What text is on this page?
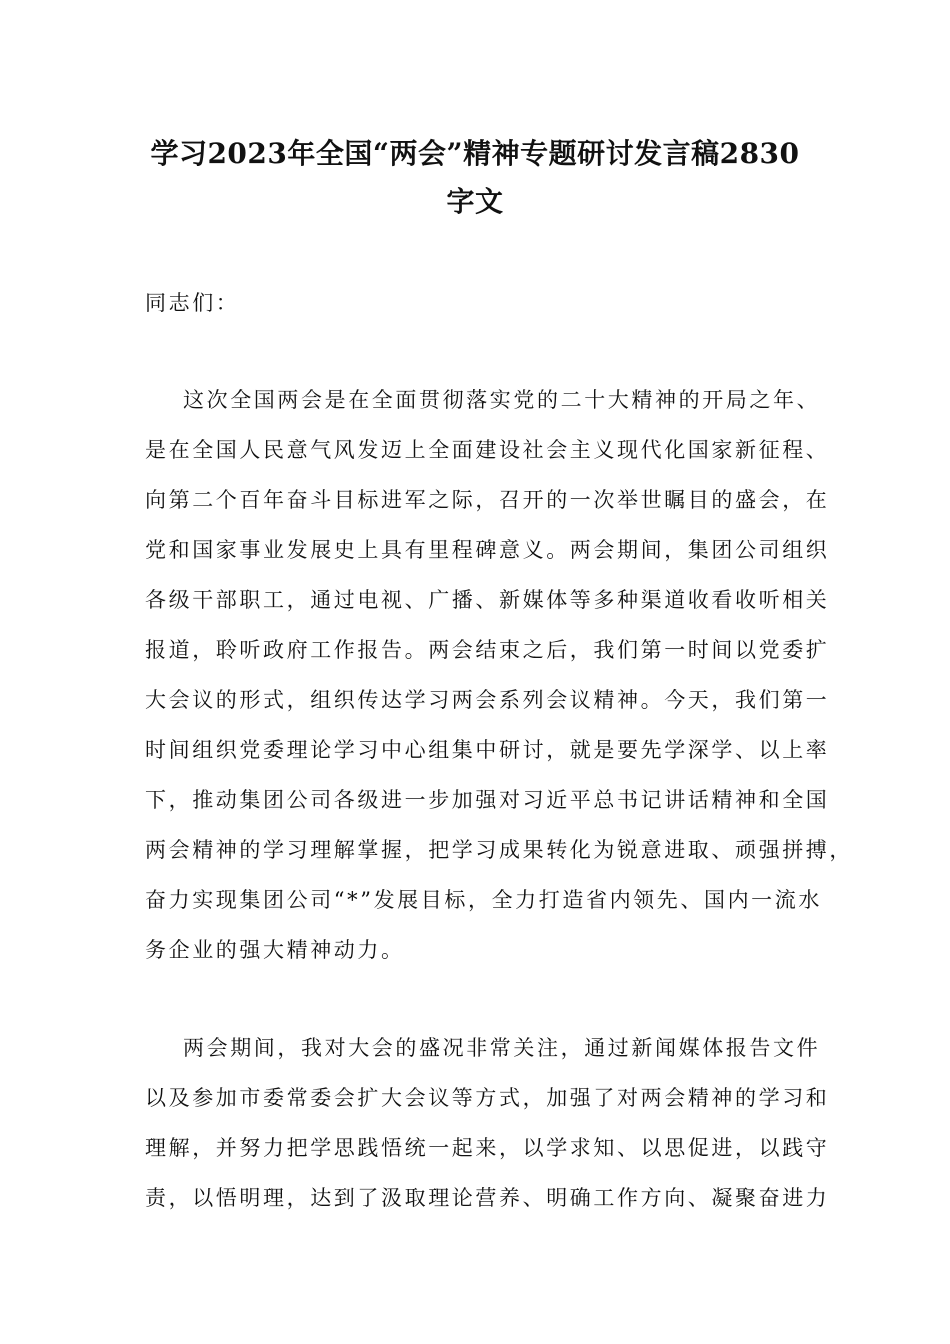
学习2023年全国“两会”精神专题研讨发言稿2830
字文
同志们：
这次全国两会是在全面贯彻落实党的二十大精神的开局之年、
是在全国人民意气风发迈上全面建设社会主义现代化国家新征程、
向第二个百年奋斗目标进军之际，召开的一次举世瞩目的盛会，在
党和国家事业发展史上具有里程碑意义。两会期间，集团公司组织
各级干部职工，通过电视、广播、新媒体等多种渠道收看收听相关
报道，聆听政府工作报告。两会结束之后，我们第一时间以党委扩
大会议的形式，组织传达学习两会系列会议精神。今天，我们第一
时间组织党委理论学习中心组集中研讨，就是要先学深学、以上率
下，推动集团公司各级进一步加强对习近平总书记讲话精神和全国
两会精神的学习理解掌握，把学习成果转化为锐意进取、顽强拼搏，
奋力实现集团公司“*”发展目标，全力打造省内领先、国内一流水
务企业的强大精神动力。
两会期间，我对大会的盛况非常关注，通过新闻媒体报告文件
以及参加市委常委会扩大会议等方式，加强了对两会精神的学习和
理解，并努力把学思践悟统一起来，以学求知、以思促进，以践守
责，以悟明理，达到了汲取理论营养、明确工作方向、凝聚奋进力
